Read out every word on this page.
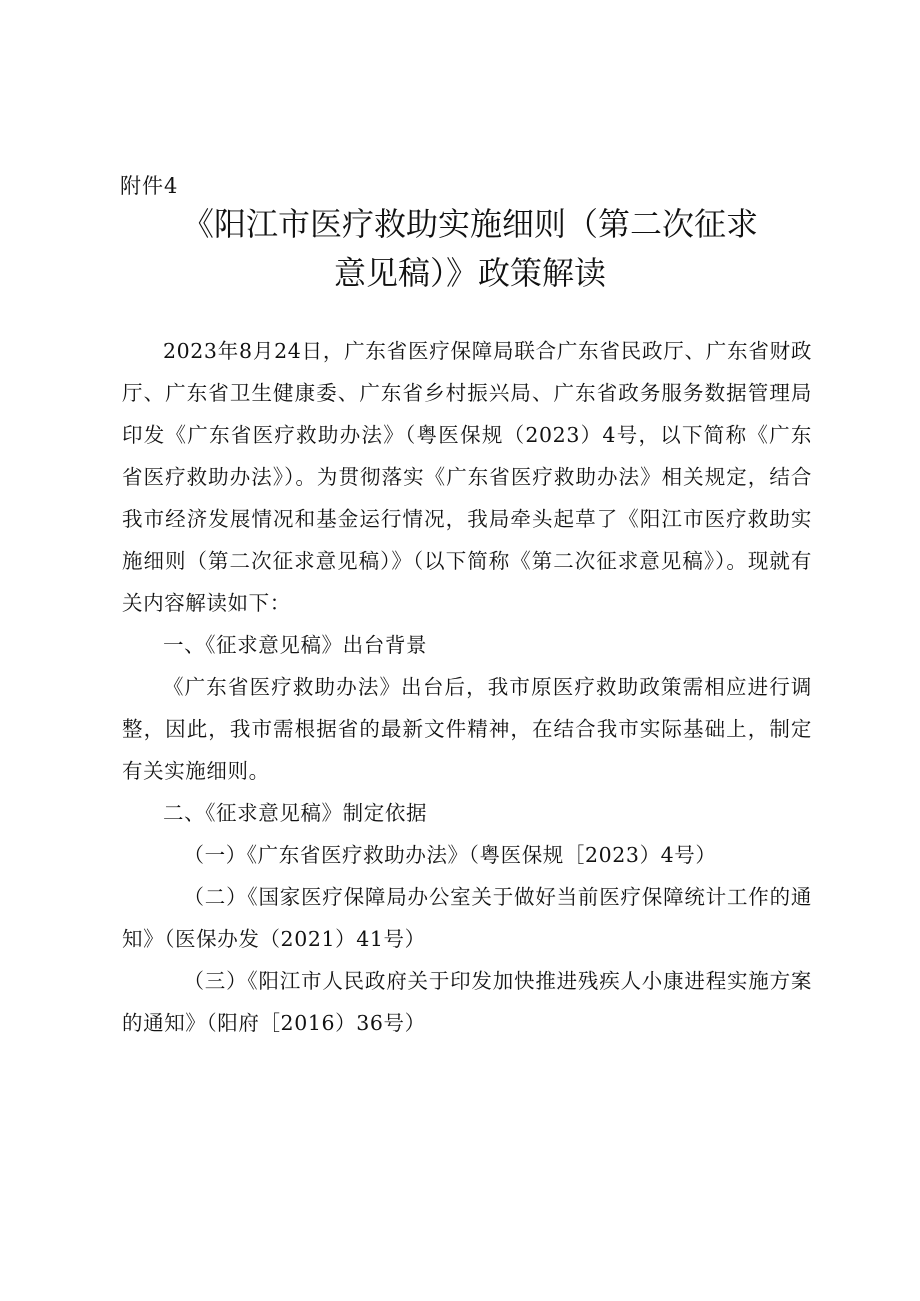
附件4
《阳江市医疗救助实施细则（第二次征求
意见稿）》政策解读

2023年8月24日，广东省医疗保障局联合广东省民政厅、广东省财政厅、广东省卫生健康委、广东省乡村振兴局、广东省政务服务数据管理局印发《广东省医疗救助办法》（粤医保规（2023）4号，以下简称《广东省医疗救助办法》）。为贯彻落实《广东省医疗救助办法》相关规定，结合我市经济发展情况和基金运行情况，我局牵头起草了《阳江市医疗救助实施细则（第二次征求意见稿）》（以下简称《第二次征求意见稿》）。现就有关内容解读如下：

一、《征求意见稿》出台背景

《广东省医疗救助办法》出台后，我市原医疗救助政策需相应进行调整，因此，我市需根据省的最新文件精神，在结合我市实际基础上，制定有关实施细则。

二、《征求意见稿》制定依据

（一）《广东省医疗救助办法》（粤医保规［2023）4号）

（二）《国家医疗保障局办公室关于做好当前医疗保障统计工作的通知》（医保办发（2021）41号）

（三）《阳江市人民政府关于印发加快推进残疾人小康进程实施方案的通知》（阳府［2016）36号）
